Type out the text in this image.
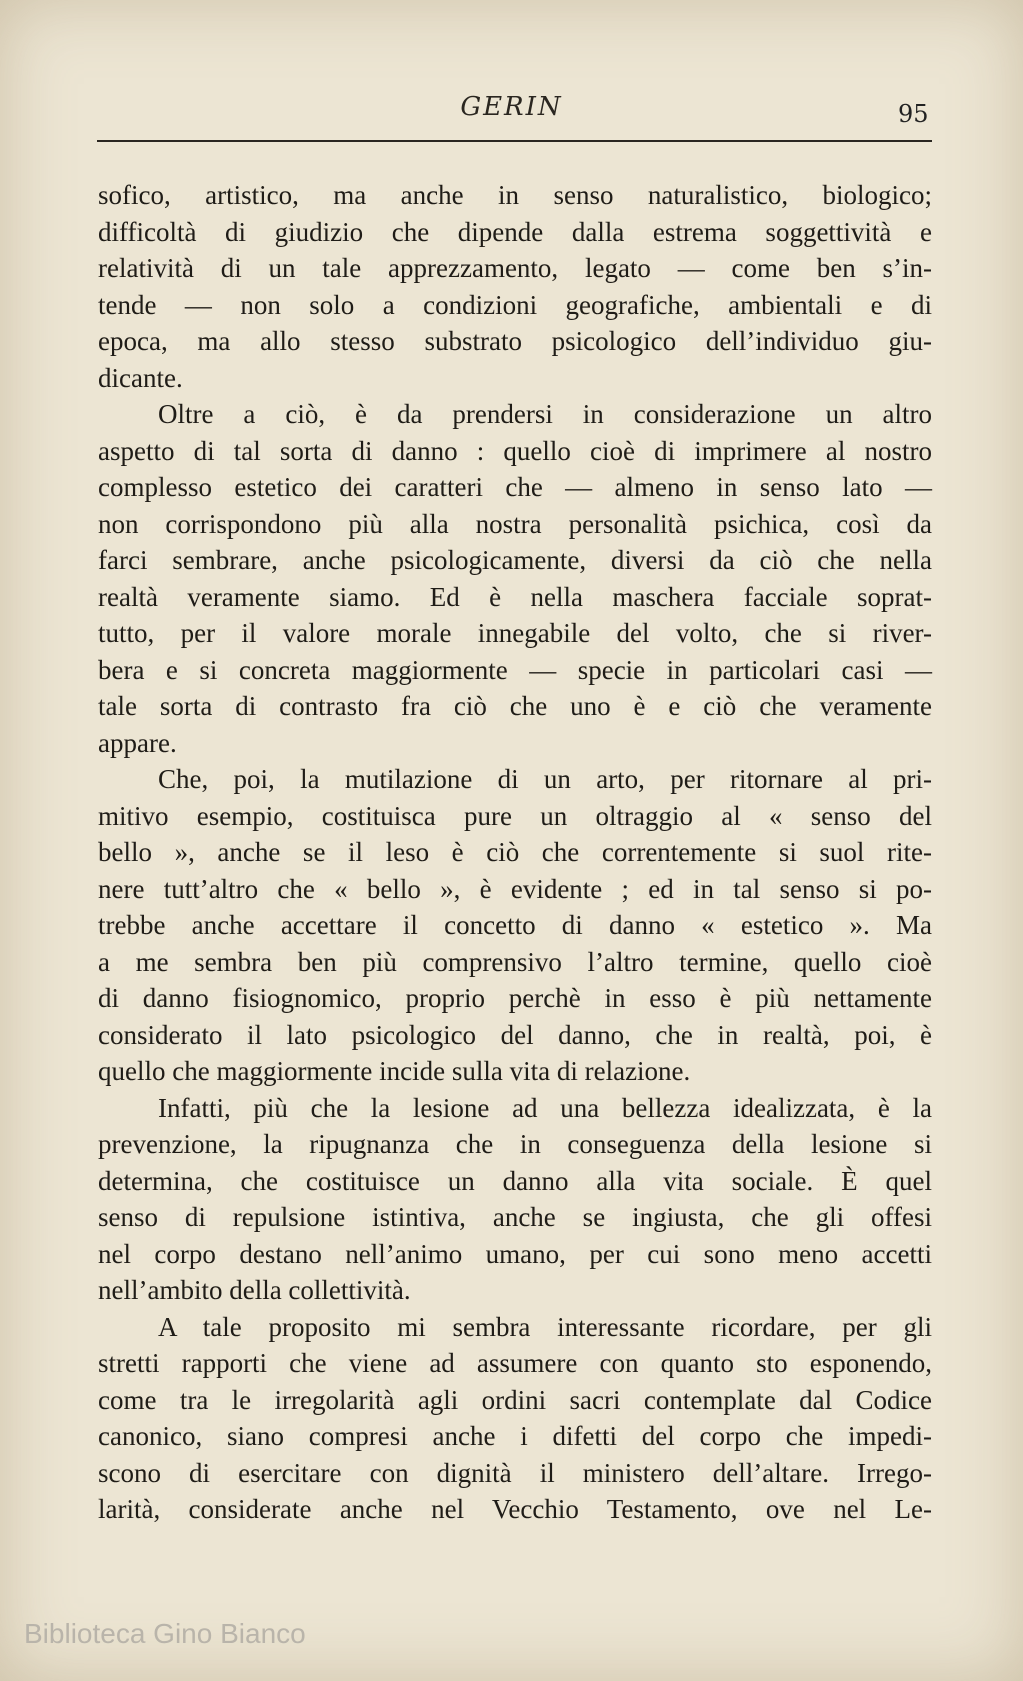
GERIN	95
sofico, artistico, ma anche in senso naturalistico, biologico;
difficoltà di giudizio che dipende dalla estrema soggettività e
relatività di un tale apprezzamento, legato — come ben s’in-
tende — non solo a condizioni geografiche, ambientali e di
epoca, ma allo stesso substrato psicologico dell’individuo giu-
dicante.
Oltre a ciò, è da prendersi in considerazione un altro
aspetto di tal sorta di danno : quello cioè di imprimere al nostro
complesso estetico dei caratteri che — almeno in senso lato —
non corrispondono più alla nostra personalità psichica, così da
farci sembrare, anche psicologicamente, diversi da ciò che nella
realtà veramente siamo. Ed è nella maschera facciale soprat-
tutto, per il valore morale innegabile del volto, che si river-
bera e si concreta maggiormente — specie in particolari casi —
tale sorta di contrasto fra ciò che uno è e ciò che veramente
appare.
Che, poi, la mutilazione di un arto, per ritornare al pri-
mitivo esempio, costituisca pure un oltraggio al « senso del
bello », anche se il leso è ciò che correntemente si suol rite-
nere tutt’altro che « bello », è evidente ; ed in tal senso si po-
trebbe anche accettare il concetto di danno « estetico ». Ma
a me sembra ben più comprensivo l’altro termine, quello cioè
di danno fisiognomico, proprio perchè in esso è più nettamente
considerato il lato psicologico del danno, che in realtà, poi, è
quello che maggiormente incide sulla vita di relazione.
Infatti, più che la lesione ad una bellezza idealizzata, è la
prevenzione, la ripugnanza che in conseguenza della lesione si
determina, che costituisce un danno alla vita sociale. È quel
senso di repulsione istintiva, anche se ingiusta, che gli offesi
nel corpo destano nell’animo umano, per cui sono meno accetti
nell’ambito della collettività.
A tale proposito mi sembra interessante ricordare, per gli
stretti rapporti che viene ad assumere con quanto sto esponendo,
come tra le irregolarità agli ordini sacri contemplate dal Codice
canonico, siano compresi anche i difetti del corpo che impedi-
scono di esercitare con dignità il ministero dell’altare. Irrego-
larità, considerate anche nel Vecchio Testamento, ove nel Le-
Biblioteca Gino Bianco
